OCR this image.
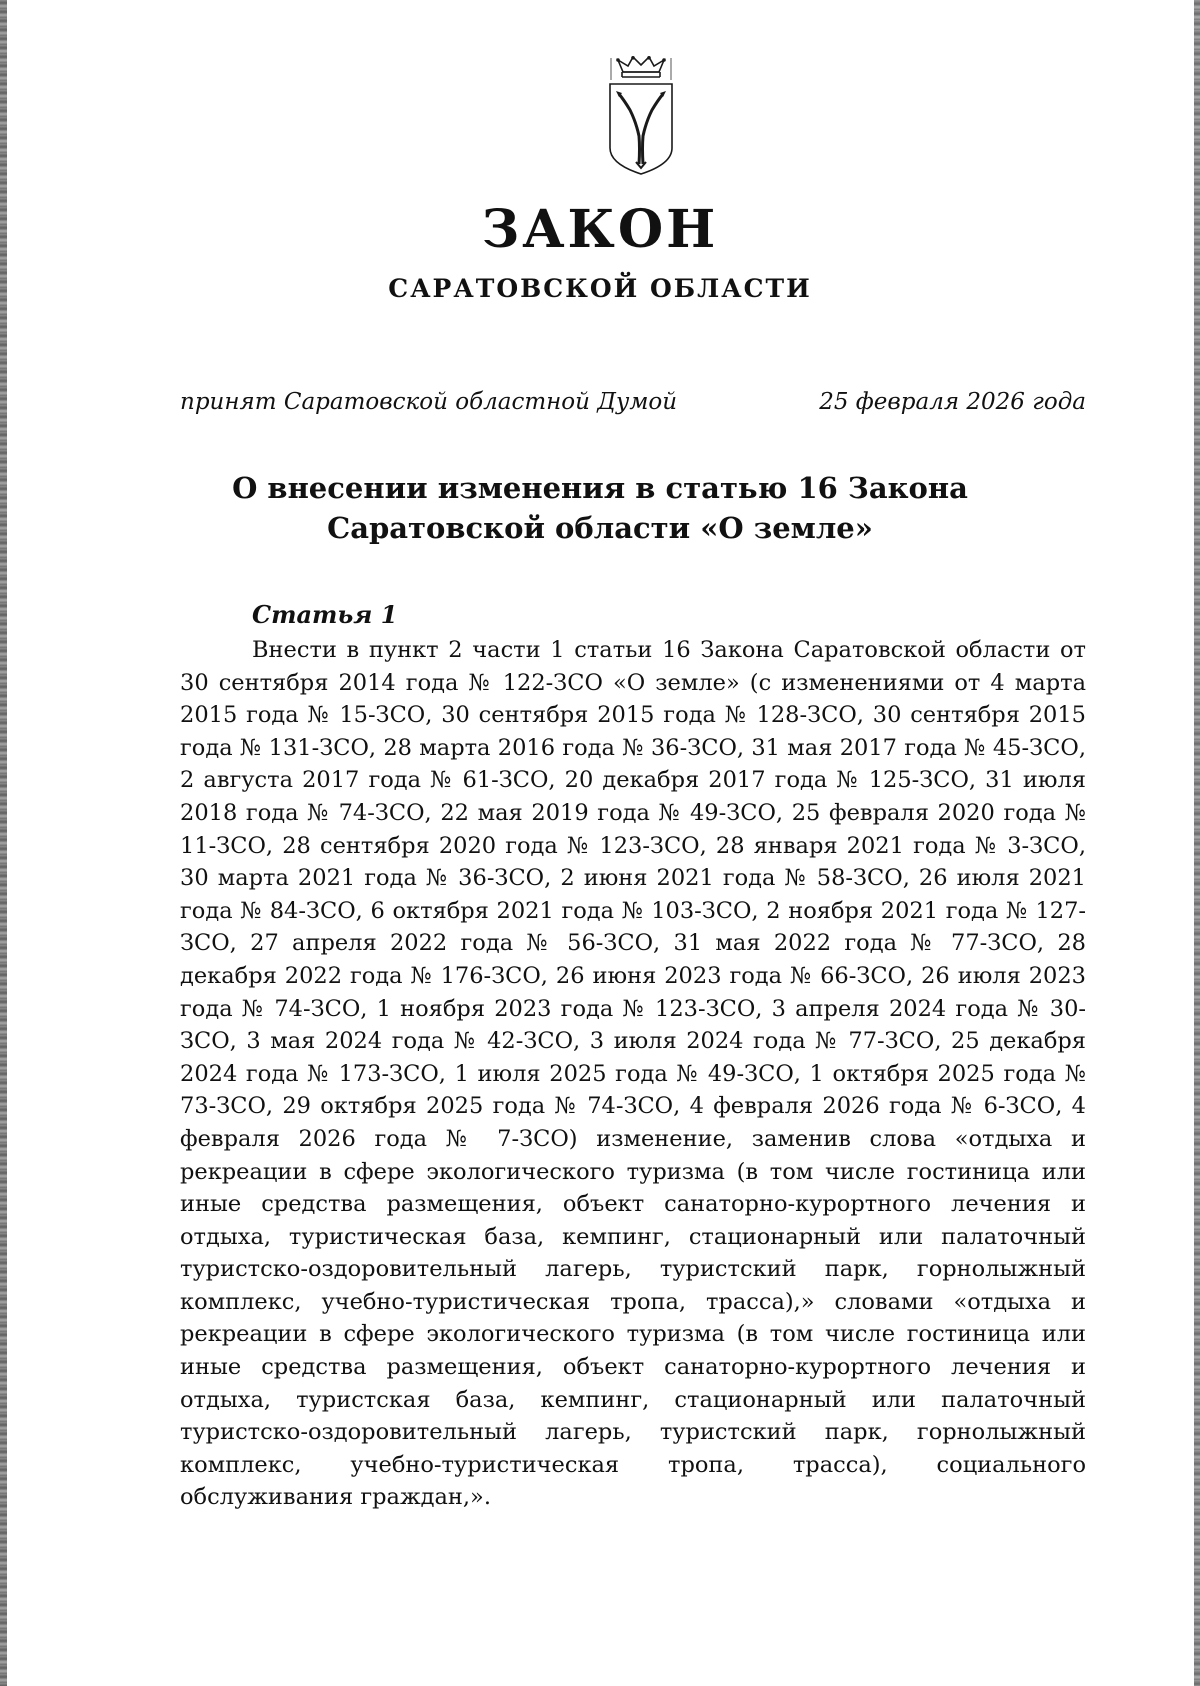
ЗАКОН
САРАТОВСКОЙ ОБЛАСТИ
принят Саратовской областной Думой	25 февраля 2026 года
О внесении изменения в статью 16 Закона
Саратовской области «О земле»
Статья 1

Внести в пункт 2 части 1 статьи 16 Закона Саратовской области от 30 сентября 2014 года № 122-ЗСО «О земле» (с изменениями от 4 марта 2015 года № 15-ЗСО, 30 сентября 2015 года № 128-ЗСО, 30 сентября 2015 года № 131-ЗСО, 28 марта 2016 года № 36-ЗСО, 31 мая 2017 года № 45-ЗСО, 2 августа 2017 года № 61-ЗСО, 20 декабря 2017 года № 125-ЗСО, 31 июля 2018 года № 74-ЗСО, 22 мая 2019 года № 49-ЗСО, 25 февраля 2020 года № 11-ЗСО, 28 сентября 2020 года № 123-ЗСО, 28 января 2021 года № 3-ЗСО, 30 марта 2021 года № 36-ЗСО, 2 июня 2021 года № 58-ЗСО, 26 июля 2021 года № 84-ЗСО, 6 октября 2021 года № 103-ЗСО, 2 ноября 2021 года № 127-ЗСО, 27 апреля 2022 года № 56-ЗСО, 31 мая 2022 года № 77-ЗСО, 28 декабря 2022 года № 176-ЗСО, 26 июня 2023 года № 66-ЗСО, 26 июля 2023 года № 74-ЗСО, 1 ноября 2023 года № 123-ЗСО, 3 апреля 2024 года № 30-ЗСО, 3 мая 2024 года № 42-ЗСО, 3 июля 2024 года № 77-ЗСО, 25 декабря 2024 года № 173-ЗСО, 1 июля 2025 года № 49-ЗСО, 1 октября 2025 года № 73-ЗСО, 29 октября 2025 года № 74-ЗСО, 4 февраля 2026 года № 6-ЗСО, 4 февраля 2026 года № 7-ЗСО) изменение, заменив слова «отдыха и рекреации в сфере экологического туризма (в том числе гостиница или иные средства размещения, объект санаторно-курортного лечения и отдыха, туристическая база, кемпинг, стационарный или палаточный туристско-оздоровительный лагерь, туристский парк, горнолыжный комплекс, учебно-туристическая тропа, трасса),» словами «отдыха и рекреации в сфере экологического туризма (в том числе гостиница или иные средства размещения, объект санаторно-курортного лечения и отдыха, туристская база, кемпинг, стационарный или палаточный туристско-оздоровительный лагерь, туристский парк, горнолыжный комплекс, учебно-туристическая тропа, трасса), социального обслуживания граждан,».
